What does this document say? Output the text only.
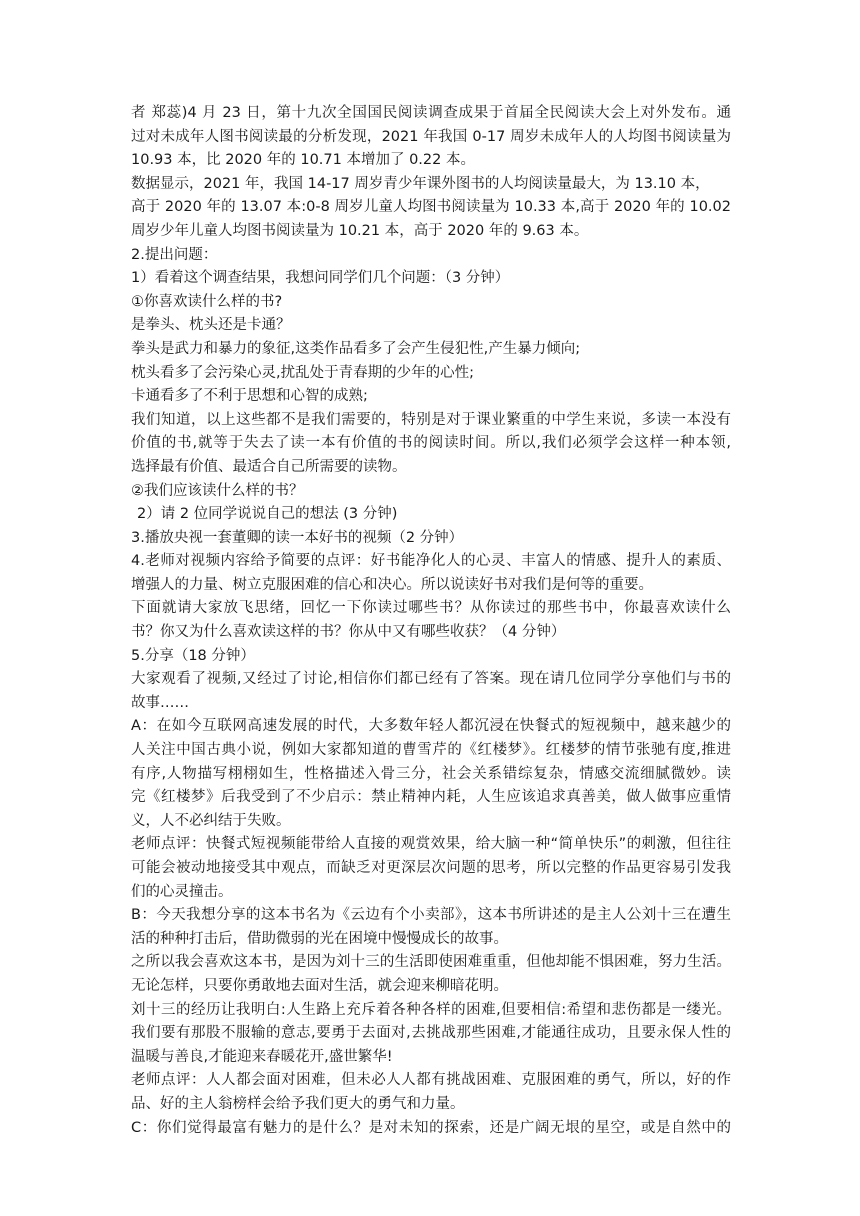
者 郑蕊)4 月 23 日，第十九次全国国民阅读调查成果于首届全民阅读大会上对外发布。通
过对未成年人图书阅读最的分析发现，2021 年我国 0-17 周岁未成年人的人均图书阅读量为
10.93 本，比 2020 年的 10.71 本增加了 0.22 本。
数据显示，2021 年，我国 14-17 周岁青少年课外图书的人均阅读量最大，为 13.10 本，
高于 2020 年的 13.07 本:0-8 周岁儿童人均图书阅读量为 10.33 本,高于 2020 年的 10.02
周岁少年儿童人均图书阅读量为 10.21 本，高于 2020 年的 9.63 本。
2.提出问题：
1）看着这个调查结果，我想问同学们几个问题：（3 分钟）
①你喜欢读什么样的书?
是拳头、枕头还是卡通？
拳头是武力和暴力的象征,这类作品看多了会产生侵犯性,产生暴力倾向;
枕头看多了会污染心灵,扰乱处于青春期的少年的心性;
卡通看多了不利于思想和心智的成熟;
我们知道，以上这些都不是我们需要的，特别是对于课业繁重的中学生来说，多读一本没有
价值的书,就等于失去了读一本有价值的书的阅读时间。所以,我们必须学会这样一种本领,
选择最有价值、最适合自己所需要的读物。
②我们应该读什么样的书？
2）请 2 位同学说说自己的想法 (3 分钟)
3.播放央视一套董卿的读一本好书的视频（2 分钟）
4.老师对视频内容给予简要的点评：好书能净化人的心灵、丰富人的情感、提升人的素质、
增强人的力量、树立克服困难的信心和决心。所以说读好书对我们是何等的重要。
下面就请大家放飞思绪，回忆一下你读过哪些书？从你读过的那些书中，你最喜欢读什么
书？你又为什么喜欢读这样的书？你从中又有哪些收获？（4 分钟）
5.分享（18 分钟）
大家观看了视频,又经过了讨论,相信你们都已经有了答案。现在请几位同学分享他们与书的
故事……
A：在如今互联网高速发展的时代，大多数年轻人都沉浸在快餐式的短视频中，越来越少的
人关注中国古典小说，例如大家都知道的曹雪芹的《红楼梦》。红楼梦的情节张驰有度,推进
有序,人物描写栩栩如生，性格描述入骨三分，社会关系错综复杂，情感交流细腻微妙。读
完《红楼梦》后我受到了不少启示：禁止精神内耗，人生应该追求真善美，做人做事应重情
义，人不必纠结于失败。
老师点评：快餐式短视频能带给人直接的观赏效果，给大脑一种“简单快乐”的刺激，但往往
可能会被动地接受其中观点，而缺乏对更深层次问题的思考，所以完整的作品更容易引发我
们的心灵撞击。
B：今天我想分享的这本书名为《云边有个小卖部》，这本书所讲述的是主人公刘十三在遭生
活的种种打击后，借助微弱的光在困境中慢慢成长的故事。
之所以我会喜欢这本书，是因为刘十三的生活即使困难重重，但他却能不惧困难，努力生活。
无论怎样，只要你勇敢地去面对生活，就会迎来柳暗花明。
刘十三的经历让我明白:人生路上充斥着各种各样的困难,但要相信:希望和悲伤都是一缕光。
我们要有那股不服输的意志,要勇于去面对,去挑战那些困难,才能通往成功，且要永保人性的
温暖与善良,才能迎来春暖花开,盛世繁华!
老师点评：人人都会面对困难，但未必人人都有挑战困难、克服困难的勇气，所以，好的作
品、好的主人翁榜样会给予我们更大的勇气和力量。
C：你们觉得最富有魅力的是什么？是对未知的探索，还是广阔无垠的星空，或是自然中的
